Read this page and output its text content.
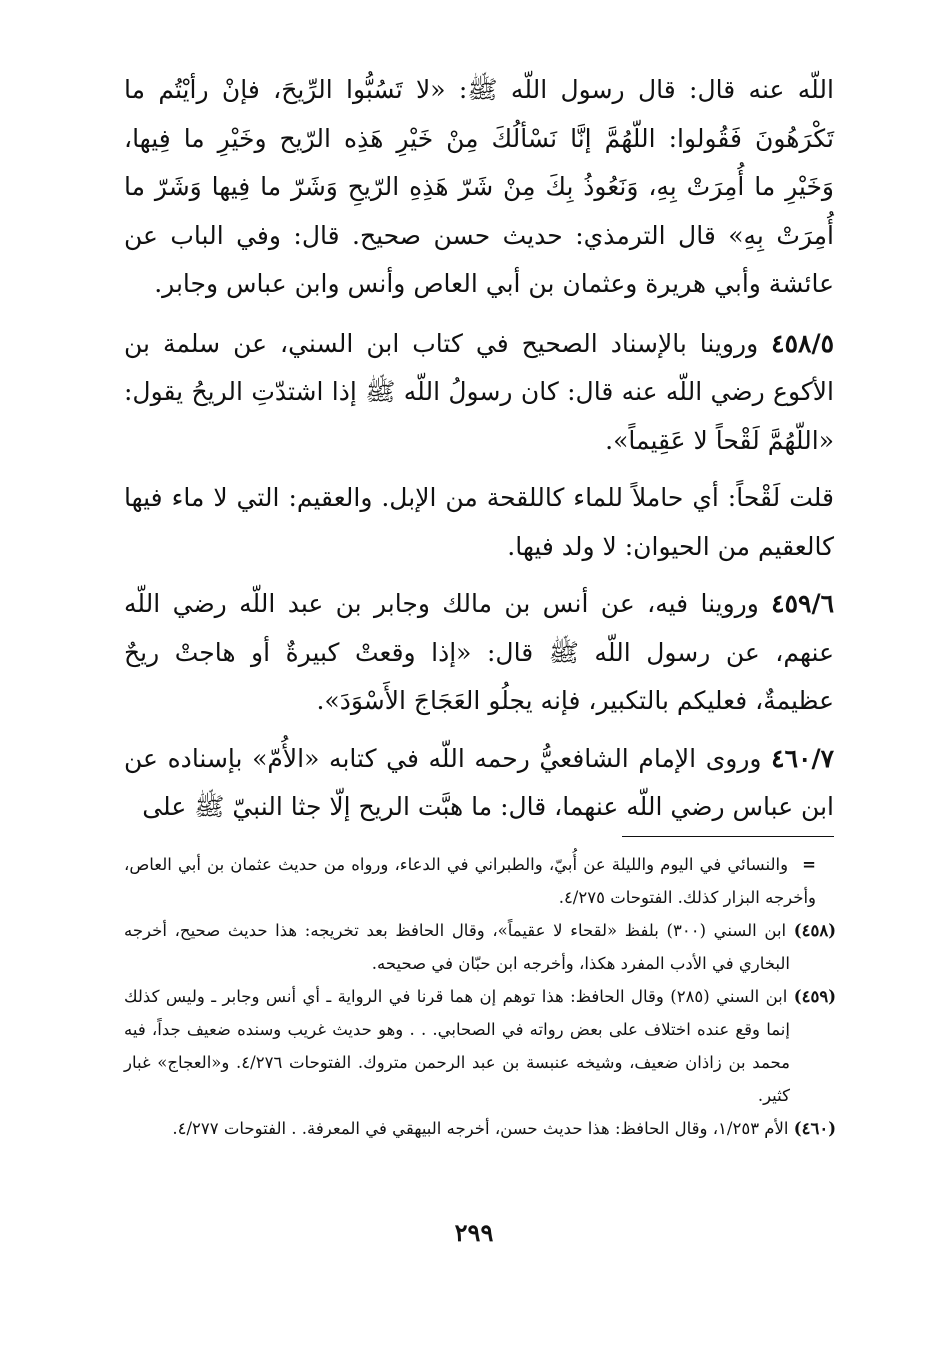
اللّه عنه قال: قال رسول اللّه ﷺ: «لا تَسُبُّوا الرِّيحَ، فإنْ رأيْتُم ما تَكْرَهُونَ فَقُولوا: اللّهُمَّ إنَّا نَسْألُكَ مِنْ خَيْرِ هَذِه الرّيح وخَيْرِ ما فِيها، وَخَيْرِ ما أُمِرَتْ بِهِ، وَنَعُوذُ بِكَ مِنْ شَرّ هَذِهِ الرّيحِ وَشَرّ ما فِيها وَشَرّ ما أُمِرَتْ بِهِ» قال الترمذي: حديث حسن صحيح. قال: وفي الباب عن عائشة وأبي هريرة وعثمان بن أبي العاص وأنس وابن عباس وجابر.

٤٥٨/٥ وروينا بالإسناد الصحيح في كتاب ابن السني، عن سلمة بن الأكوع رضي اللّه عنه قال: كان رسولُ اللّه ﷺ إذا اشتدّتِ الريحُ يقول: «اللّهُمَّ لَقْحاً لا عَقِيماً».

قلت لَقْحاً: أي حاملاً للماء كاللقحة من الإبل. والعقيم: التي لا ماء فيها كالعقيم من الحيوان: لا ولد فيها.

٤٥٩/٦ وروينا فيه، عن أنس بن مالك وجابر بن عبد اللّه رضي اللّه عنهم، عن رسول اللّه ﷺ قال: «إذا وقعتْ كبيرةٌ أو هاجتْ ريحٌ عظيمةٌ، فعليكم بالتكبير، فإنه يجلُو العَجَاجَ الأَسْوَدَ».

٤٦٠/٧ وروى الإمام الشافعيُّ رحمه اللّه في كتابه «الأُمّ» بإسناده عن ابن عباس رضي اللّه عنهما، قال: ما هبَّت الريح إلّا جثا النبيّ ﷺ على

= والنسائي في اليوم والليلة عن أُبيّ، والطبراني في الدعاء، ورواه من حديث عثمان بن أبي العاص، وأخرجه البزار كذلك. الفتوحات ٤/٢٧٥.

(٤٥٨) ابن السني (٣٠٠) بلفظ «لقحاء لا عقيماً»، وقال الحافظ بعد تخريجه: هذا حديث صحيح، أخرجه البخاري في الأدب المفرد هكذا، وأخرجه ابن حبّان في صحيحه.

(٤٥٩) ابن السني (٢٨٥) وقال الحافظ: هذا توهم إن هما قرنا في الرواية ـ أي أنس وجابر ـ وليس كذلك إنما وقع عنده اختلاف على بعض رواته في الصحابي. . . وهو حديث غريب وسنده ضعيف جداً، فيه محمد بن زاذان ضعيف، وشيخه عنبسة بن عبد الرحمن متروك. الفتوحات ٤/٢٧٦. و«العجاج» غبار كثير.

(٤٦٠) الأم ١/٢٥٣، وقال الحافظ: هذا حديث حسن، أخرجه البيهقي في المعرفة. . الفتوحات ٤/٢٧٧.

٢٩٩
